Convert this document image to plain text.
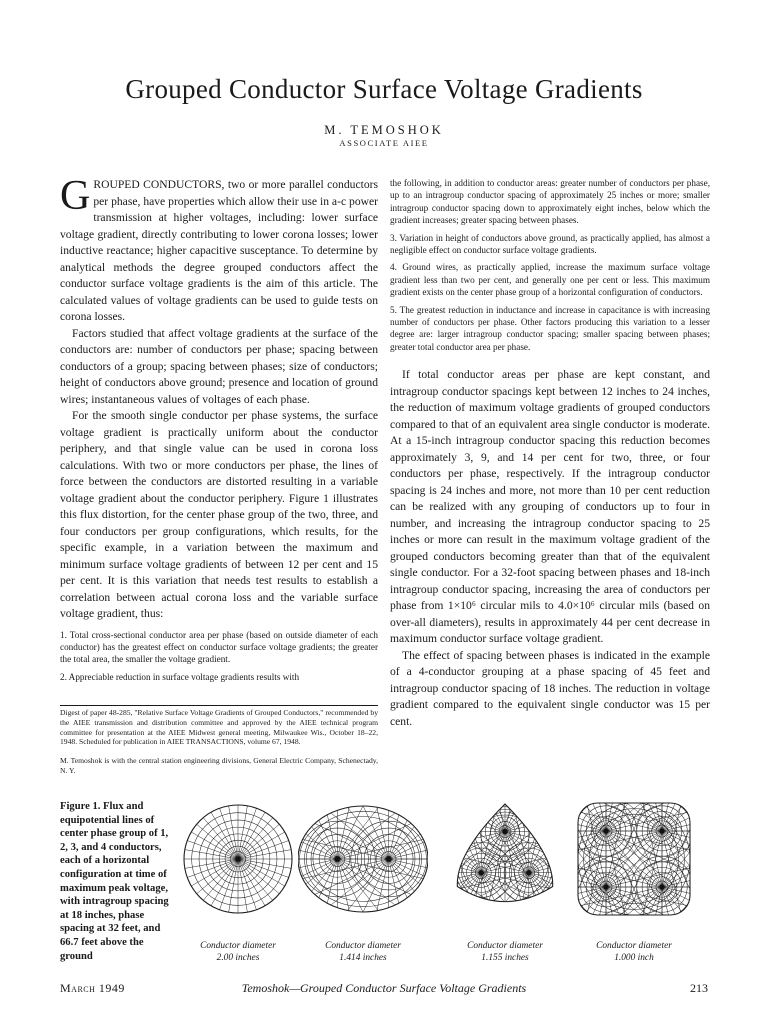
Grouped Conductor Surface Voltage Gradients
M. TEMOSHOK
ASSOCIATE AIEE

GROUPED CONDUCTORS, two or more parallel conductors per phase, have properties which allow their use in a-c power transmission at higher voltages, including: lower surface voltage gradient, directly contributing to lower corona losses; lower inductive reactance; higher capacitive susceptance. To determine by analytical methods the degree grouped conductors affect the conductor surface voltage gradients is the aim of this article. The calculated values of voltage gradients can be used to guide tests on corona losses.

Factors studied that affect voltage gradients at the surface of the conductors are: number of conductors per phase; spacing between conductors of a group; spacing between phases; size of conductors; height of conductors above ground; presence and location of ground wires; instantaneous values of voltages of each phase.

For the smooth single conductor per phase systems, the surface voltage gradient is practically uniform about the conductor periphery, and that single value can be used in corona loss calculations. With two or more conductors per phase, the lines of force between the conductors are distorted resulting in a variable voltage gradient about the conductor periphery. Figure 1 illustrates this flux distortion, for the center phase group of the two, three, and four conductors per group configurations, which results, for the specific example, in a variation between the maximum and minimum surface voltage gradients of between 12 per cent and 15 per cent. It is this variation that needs test results to establish a correlation between actual corona loss and the variable surface voltage gradient, thus:

1. Total cross-sectional conductor area per phase (based on outside diameter of each conductor) has the greatest effect on conductor surface voltage gradients; the greater the total area, the smaller the voltage gradient.

2. Appreciable reduction in surface voltage gradients results with

the following, in addition to conductor areas: greater number of conductors per phase, up to an intragroup conductor spacing of approximately 25 inches or more; smaller intragroup conductor spacing down to approximately eight inches, below which the gradient increases; greater spacing between phases.

3. Variation in height of conductors above ground, as practically applied, has almost a negligible effect on conductor surface voltage gradients.

4. Ground wires, as practically applied, increase the maximum surface voltage gradient less than two per cent, and generally one per cent or less. This maximum gradient exists on the center phase group of a horizontal configuration of conductors.

5. The greatest reduction in inductance and increase in capacitance is with increasing number of conductors per phase. Other factors producing this variation to a lesser degree are: larger intragroup conductor spacing; smaller spacing between phases; greater total conductor area per phase.

If total conductor areas per phase are kept constant, and intragroup conductor spacings kept between 12 inches to 24 inches, the reduction of maximum voltage gradients of grouped conductors compared to that of an equivalent area single conductor is moderate. At a 15-inch intragroup conductor spacing this reduction becomes approximately 3, 9, and 14 per cent for two, three, or four conductors per phase, respectively. If the intragroup conductor spacing is 24 inches and more, not more than 10 per cent reduction can be realized with any grouping of conductors up to four in number, and increasing the intragroup conductor spacing to 25 inches or more can result in the maximum voltage gradient of the grouped conductors becoming greater than that of the equivalent single conductor. For a 32-foot spacing between phases and 18-inch intragroup conductor spacing, increasing the area of conductors per phase from 1×10⁶ circular mils to 4.0×10⁶ circular mils (based on over-all diameters), results in approximately 44 per cent decrease in maximum conductor surface voltage gradient.

The effect of spacing between phases is indicated in the example of a 4-conductor grouping at a phase spacing of 45 feet and intragroup conductor spacing of 18 inches. The reduction in voltage gradient compared to the equivalent single conductor was 15 per cent.

Digest of paper 48-285, "Relative Surface Voltage Gradients of Grouped Conductors," recommended by the AIEE transmission and distribution committee and approved by the AIEE technical program committee for presentation at the AIEE Midwest general meeting, Milwaukee Wis., October 18–22, 1948. Scheduled for publication in AIEE TRANSACTIONS, volume 67, 1948.

M. Temoshok is with the central station engineering divisions, General Electric Company, Schenectady, N. Y.

Figure 1. Flux and equipotential lines of center phase group of 1, 2, 3, and 4 conductors, each of a horizontal configuration at time of maximum peak voltage, with intragroup spacing at 18 inches, phase spacing at 32 feet, and 66.7 feet above the ground

Conductor diameter
2.00 inches
Conductor diameter
1.414 inches
Conductor diameter
1.155 inches
Conductor diameter
1.000 inch
March 1949	Temoshok—Grouped Conductor Surface Voltage Gradients	213
